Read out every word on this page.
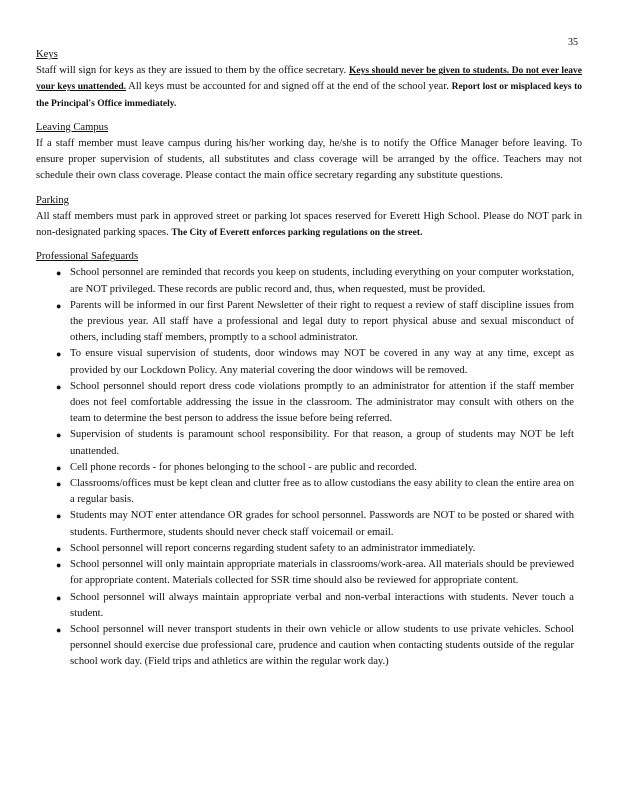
35
Keys
Staff will sign for keys as they are issued to them by the office secretary. Keys should never be given to students. Do not ever leave your keys unattended. All keys must be accounted for and signed off at the end of the school year. Report lost or misplaced keys to the Principal's Office immediately.
Leaving Campus
If a staff member must leave campus during his/her working day, he/she is to notify the Office Manager before leaving. To ensure proper supervision of students, all substitutes and class coverage will be arranged by the office. Teachers may not schedule their own class coverage. Please contact the main office secretary regarding any substitute questions.
Parking
All staff members must park in approved street or parking lot spaces reserved for Everett High School. Please do NOT park in non-designated parking spaces. The City of Everett enforces parking regulations on the street.
Professional Safeguards
● School personnel are reminded that records you keep on students, including everything on your computer workstation, are NOT privileged. These records are public record and, thus, when requested, must be provided.
● Parents will be informed in our first Parent Newsletter of their right to request a review of staff discipline issues from the previous year. All staff have a professional and legal duty to report physical abuse and sexual misconduct of others, including staff members, promptly to a school administrator.
● To ensure visual supervision of students, door windows may NOT be covered in any way at any time, except as provided by our Lockdown Policy. Any material covering the door windows will be removed.
● School personnel should report dress code violations promptly to an administrator for attention if the staff member does not feel comfortable addressing the issue in the classroom. The administrator may consult with others on the team to determine the best person to address the issue before being referred.
● Supervision of students is paramount school responsibility. For that reason, a group of students may NOT be left unattended.
● Cell phone records - for phones belonging to the school - are public and recorded.
● Classrooms/offices must be kept clean and clutter free as to allow custodians the easy ability to clean the entire area on a regular basis.
● Students may NOT enter attendance OR grades for school personnel. Passwords are NOT to be posted or shared with students. Furthermore, students should never check staff voicemail or email.
● School personnel will report concerns regarding student safety to an administrator immediately.
● School personnel will only maintain appropriate materials in classrooms/work-area. All materials should be previewed for appropriate content. Materials collected for SSR time should also be reviewed for appropriate content.
● School personnel will always maintain appropriate verbal and non-verbal interactions with students. Never touch a student.
● School personnel will never transport students in their own vehicle or allow students to use private vehicles. School personnel should exercise due professional care, prudence and caution when contacting students outside of the regular school work day. (Field trips and athletics are within the regular work day.)
